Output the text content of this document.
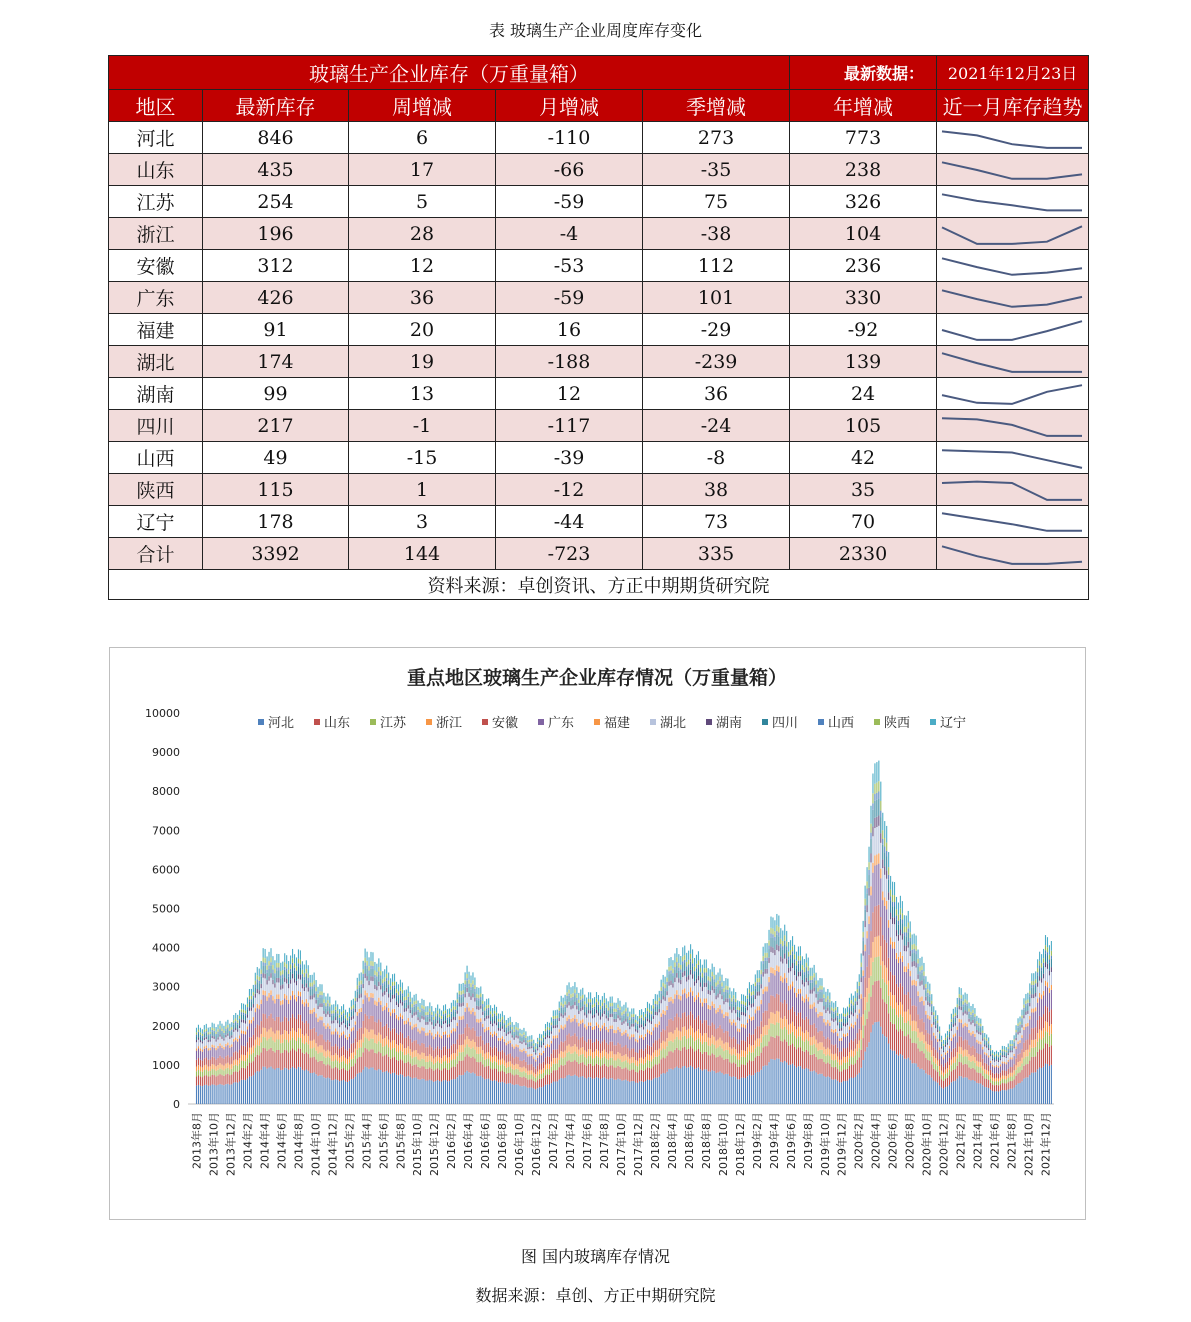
表 玻璃生产企业周度库存变化
玻璃生产企业库存（万重量箱）					最新数据：	2021年12月23日
地区	最新库存	周增减	月增减	季增减	年增减	近一月库存趋势
河北	846	6	-110	273	773	

山东	435	17	-66	-35	238	

江苏	254	5	-59	75	326	

浙江	196	28	-4	-38	104	

安徽	312	12	-53	112	236	

广东	426	36	-59	101	330	

福建	91	20	16	-29	-92	

湖北	174	19	-188	-239	139	

湖南	99	13	12	36	24	

四川	217	-1	-117	-24	105	

山西	49	-15	-39	-8	42	

陕西	115	1	-12	38	35	

辽宁	178	3	-44	73	70	

合计	3392	144	-723	335	2330	

资料来源：卓创资讯、方正中期期货研究院						
重点地区玻璃生产企业库存情况（万重量箱）
河北 山东 江苏 浙江 安徽 广东 福建 湖北 湖南 四川 山西 陕西 辽宁
0
1000
2000
3000
4000
5000
6000
7000
8000
9000
10000
2013年8月 2013年10月 2013年12月 2014年2月 2014年4月 2014年6月 2014年8月 2014年10月 2014年12月 2015年2月 2015年4月 2015年6月 2015年8月 2015年10月 2015年12月 2016年2月 2016年4月 2016年6月 2016年8月 2016年10月 2016年12月 2017年2月 2017年4月 2017年6月 2017年8月 2017年10月 2017年12月 2018年2月 2018年4月 2018年6月 2018年8月 2018年10月 2018年12月 2019年2月 2019年4月 2019年6月 2019年8月 2019年10月 2019年12月 2020年2月 2020年4月 2020年6月 2020年8月 2020年10月 2020年12月 2021年2月 2021年4月 2021年6月 2021年8月 2021年10月 2021年12月
图 国内玻璃库存情况
数据来源：卓创、方正中期研究院
